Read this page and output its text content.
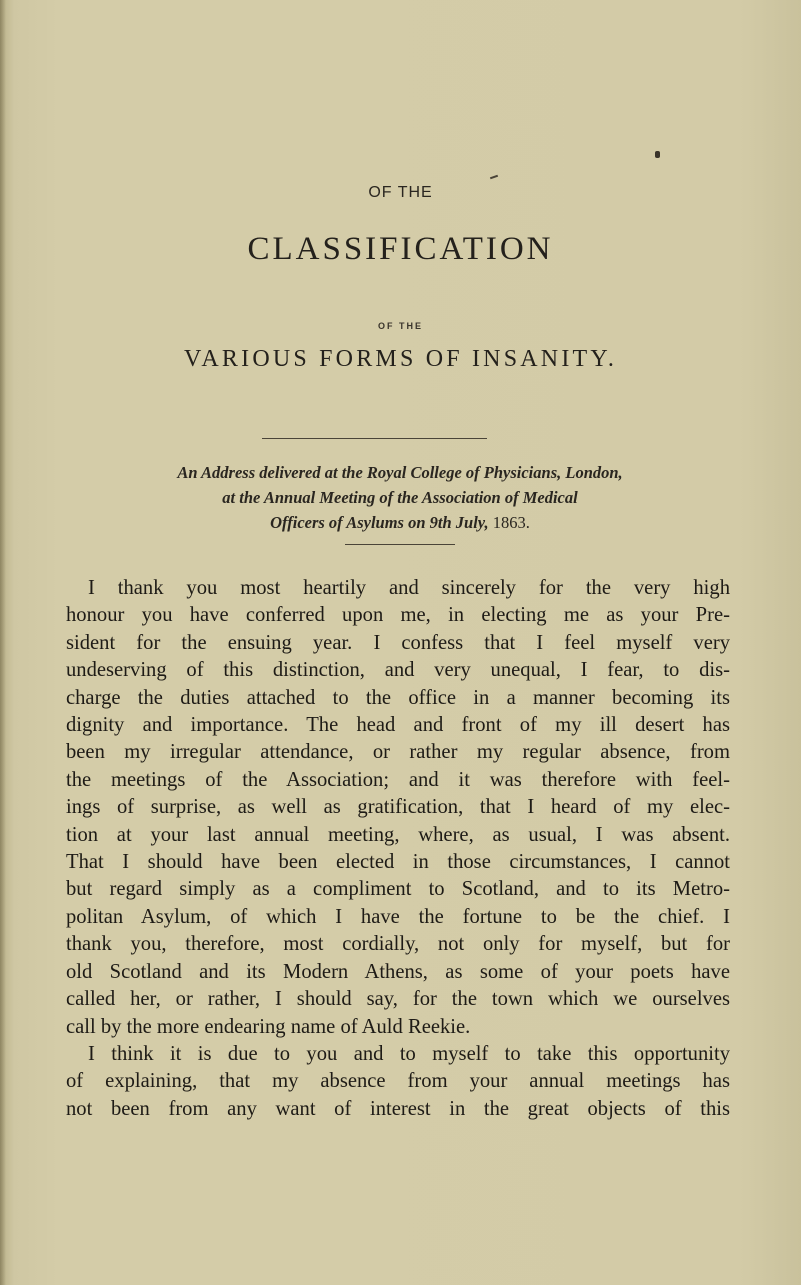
OF THE
CLASSIFICATION
OF THE
VARIOUS FORMS OF INSANITY.
An Address delivered at the Royal College of Physicians, London,
at the Annual Meeting of the Association of Medical
Officers of Asylums on 9th July, 1863.
I thank you most heartily and sincerely for the very high
honour you have conferred upon me, in electing me as your Pre-
sident for the ensuing year. I confess that I feel myself very
undeserving of this distinction, and very unequal, I fear, to dis-
charge the duties attached to the office in a manner becoming its
dignity and importance. The head and front of my ill desert has
been my irregular attendance, or rather my regular absence, from
the meetings of the Association; and it was therefore with feel-
ings of surprise, as well as gratification, that I heard of my elec-
tion at your last annual meeting, where, as usual, I was absent.
That I should have been elected in those circumstances, I cannot
but regard simply as a compliment to Scotland, and to its Metro-
politan Asylum, of which I have the fortune to be the chief. I
thank you, therefore, most cordially, not only for myself, but for
old Scotland and its Modern Athens, as some of your poets have
called her, or rather, I should say, for the town which we ourselves
call by the more endearing name of Auld Reekie.
I think it is due to you and to myself to take this opportunity
of explaining, that my absence from your annual meetings has
not been from any want of interest in the great objects of this
